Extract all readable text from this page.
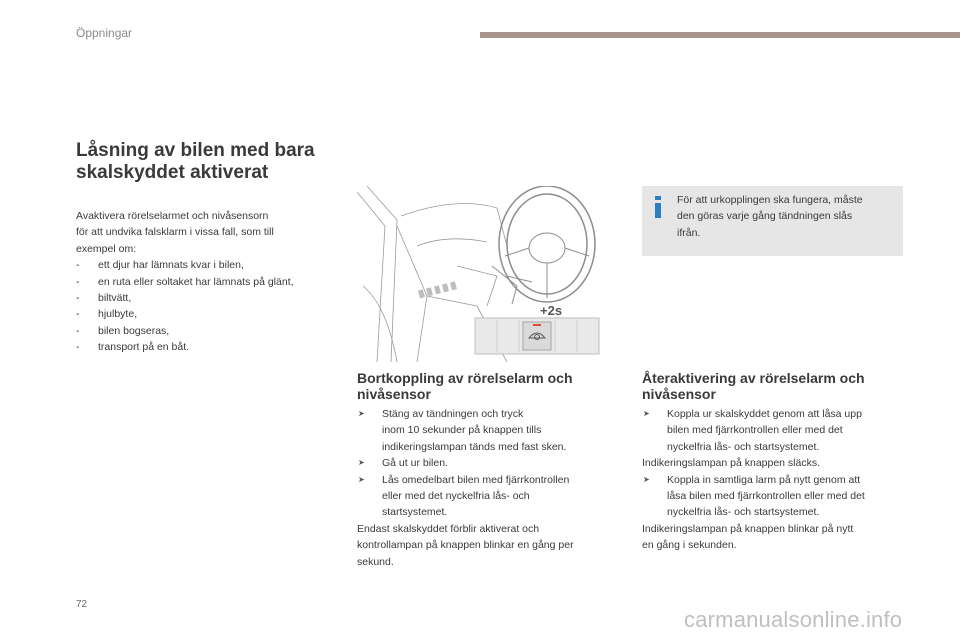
Öppningar
Låsning av bilen med bara
skalskyddet aktiverat

Avaktivera rörelselarmet och nivåsensorn

för att undvika falsklarm i vissa fall, som till

exempel om:

- ett djur har lämnats kvar i bilen,
- en ruta eller soltaket har lämnats på glänt,
- biltvätt,
- hjulbyte,
- bilen bogseras,
- transport på en båt.
+2s
För att urkopplingen ska fungera, måste
den göras varje gång tändningen slås
ifrån.
Bortkoppling av rörelselarm och
nivåsensor
➤ Stäng av tändningen och tryck
inom 10 sekunder på knappen tills
indikeringslampan tänds med fast sken.
➤ Gå ut ur bilen.
➤ Lås omedelbart bilen med fjärrkontrollen
eller med det nyckelfria lås- och
startsystemet.

Endast skalskyddet förblir aktiverat och

kontrollampan på knappen blinkar en gång per

sekund.

Återaktivering av rörelselarm och
nivåsensor
➤ Koppla ur skalskyddet genom att låsa upp
bilen med fjärrkontrollen eller med det
nyckelfria lås- och startsystemet.

Indikeringslampan på knappen släcks.

➤ Koppla in samtliga larm på nytt genom att
låsa bilen med fjärrkontrollen eller med det
nyckelfria lås- och startsystemet.

Indikeringslampan på knappen blinkar på nytt

en gång i sekunden.

72
carmanualsonline.info
